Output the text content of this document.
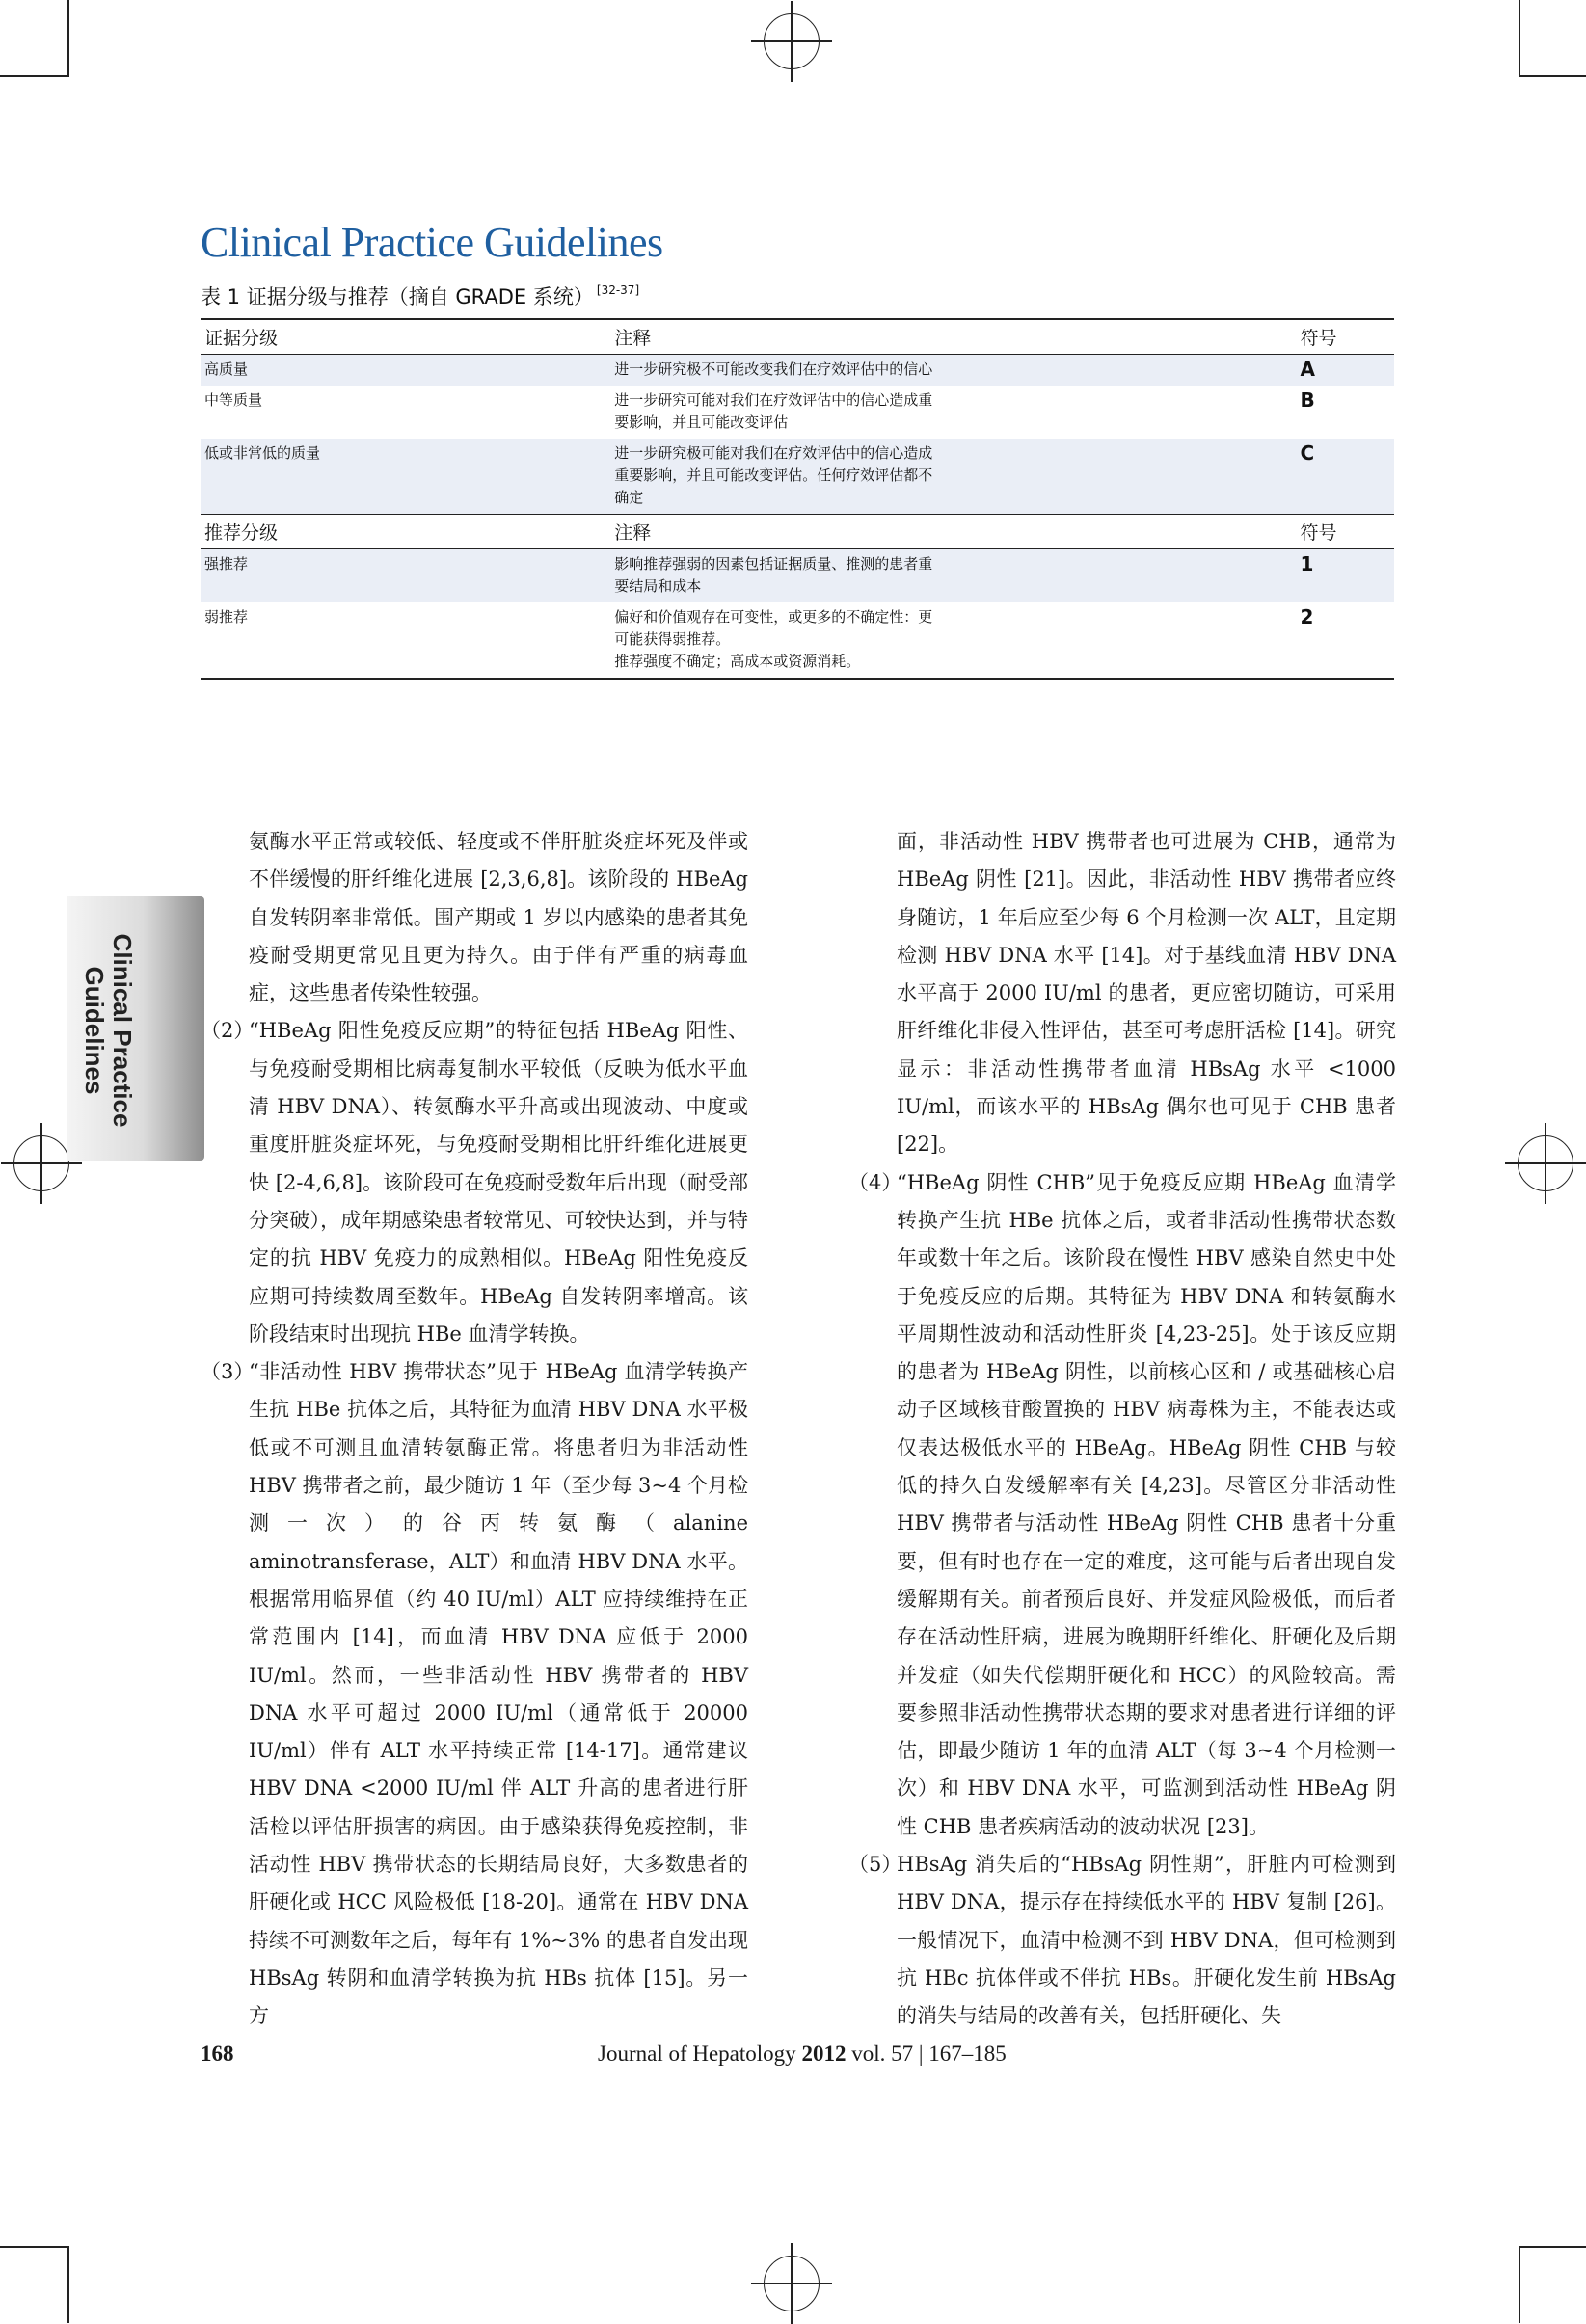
Clinical Practice Guidelines
表 1 证据分级与推荐（摘自 GRADE 系统） [32-37]
证据分级	注释	符号
高质量	进一步研究极不可能改变我们在疗效评估中的信心	A
中等质量	进一步研究可能对我们在疗效评估中的信心造成重
要影响，并且可能改变评估	B
低或非常低的质量	进一步研究极可能对我们在疗效评估中的信心造成
重要影响，并且可能改变评估。任何疗效评估都不
确定	C
推荐分级	注释	符号
强推荐	影响推荐强弱的因素包括证据质量、推测的患者重
要结局和成本	1
弱推荐	偏好和价值观存在可变性，或更多的不确定性：更
可能获得弱推荐。
推荐强度不确定；高成本或资源消耗。	2
Clinical Practice Guidelines

氨酶水平正常或较低、轻度或不伴肝脏炎症坏死及伴或不伴缓慢的肝纤维化进展 [2,3,6,8]。该阶段的 HBeAg 自发转阴率非常低。围产期或 1 岁以内感染的患者其免疫耐受期更常见且更为持久。由于伴有严重的病毒血症，这些患者传染性较强。

（2）
“HBeAg 阳性免疫反应期”的特征包括 HBeAg 阳性、与免疫耐受期相比病毒复制水平较低（反映为低水平血清 HBV DNA）、转氨酶水平升高或出现波动、中度或重度肝脏炎症坏死，与免疫耐受期相比肝纤维化进展更快 [2-4,6,8]。该阶段可在免疫耐受数年后出现（耐受部分突破），成年期感染患者较常见、可较快达到，并与特定的抗 HBV 免疫力的成熟相似。HBeAg 阳性免疫反应期可持续数周至数年。HBeAg 自发转阴率增高。该阶段结束时出现抗 HBe 血清学转换。

（3）
“非活动性 HBV 携带状态”见于 HBeAg 血清学转换产生抗 HBe 抗体之后，其特征为血清 HBV DNA 水平极低或不可测且血清转氨酶正常。将患者归为非活动性 HBV 携带者之前，最少随访 1 年（至少每 3~4 个月检测一次）的谷丙转氨酶（alanine aminotransferase，ALT）和血清 HBV DNA 水平。根据常用临界值（约 40 IU/ml）ALT 应持续维持在正常范围内 [14]，而血清 HBV DNA 应低于 2000 IU/ml。然而，一些非活动性 HBV 携带者的 HBV DNA 水平可超过 2000 IU/ml（通常低于 20000 IU/ml）伴有 ALT 水平持续正常 [14-17]。通常建议 HBV DNA <2000 IU/ml 伴 ALT 升高的患者进行肝活检以评估肝损害的病因。由于感染获得免疫控制，非活动性 HBV 携带状态的长期结局良好，大多数患者的肝硬化或 HCC 风险极低 [18-20]。通常在 HBV DNA 持续不可测数年之后，每年有 1%~3% 的患者自发出现 HBsAg 转阴和血清学转换为抗 HBs 抗体 [15]。另一方

面，非活动性 HBV 携带者也可进展为 CHB，通常为 HBeAg 阴性 [21]。因此，非活动性 HBV 携带者应终身随访，1 年后应至少每 6 个月检测一次 ALT，且定期检测 HBV DNA 水平 [14]。对于基线血清 HBV DNA 水平高于 2000 IU/ml 的患者，更应密切随访，可采用肝纤维化非侵入性评估，甚至可考虑肝活检 [14]。研究显示：非活动性携带者血清 HBsAg 水平 <1000 IU/ml，而该水平的 HBsAg 偶尔也可见于 CHB 患者 [22]。

（4）
“HBeAg 阴性 CHB”见于免疫反应期 HBeAg 血清学转换产生抗 HBe 抗体之后，或者非活动性携带状态数年或数十年之后。该阶段在慢性 HBV 感染自然史中处于免疫反应的后期。其特征为 HBV DNA 和转氨酶水平周期性波动和活动性肝炎 [4,23-25]。处于该反应期的患者为 HBeAg 阴性，以前核心区和 / 或基础核心启动子区域核苷酸置换的 HBV 病毒株为主，不能表达或仅表达极低水平的 HBeAg。HBeAg 阴性 CHB 与较低的持久自发缓解率有关 [4,23]。尽管区分非活动性 HBV 携带者与活动性 HBeAg 阴性 CHB 患者十分重要，但有时也存在一定的难度，这可能与后者出现自发缓解期有关。前者预后良好、并发症风险极低，而后者存在活动性肝病，进展为晚期肝纤维化、肝硬化及后期并发症（如失代偿期肝硬化和 HCC）的风险较高。需要参照非活动性携带状态期的要求对患者进行详细的评估，即最少随访 1 年的血清 ALT（每 3~4 个月检测一次）和 HBV DNA 水平，可监测到活动性 HBeAg 阴性 CHB 患者疾病活动的波动状况 [23]。

（5）
HBsAg 消失后的“HBsAg 阴性期”，肝脏内可检测到 HBV DNA，提示存在持续低水平的 HBV 复制 [26]。一般情况下，血清中检测不到 HBV DNA，但可检测到抗 HBc 抗体伴或不伴抗 HBs。肝硬化发生前 HBsAg 的消失与结局的改善有关，包括肝硬化、失

168	Journal of Hepatology 2012 vol. 57 | 167–185
